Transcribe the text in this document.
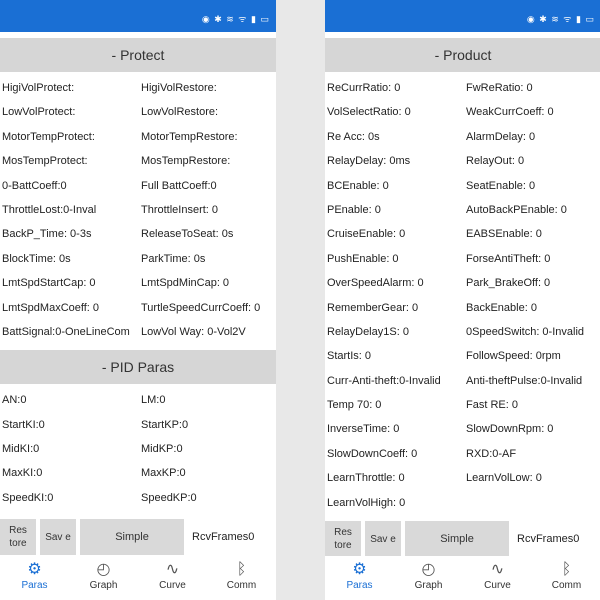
◉ ✱ ≋ ᯤ ▮ ▭
- Protect
HigiVolProtect:	HigiVolRestore:
LowVolProtect:	LowVolRestore:
MotorTempProtect:	MotorTempRestore:
MosTempProtect:	MosTempRestore:
0-BattCoeff:0	Full BattCoeff:0
ThrottleLost:0-Inval	ThrottleInsert: 0
BackP_Time: 0-3s	ReleaseToSeat: 0s
BlockTime: 0s	ParkTime: 0s
LmtSpdStartCap: 0	LmtSpdMinCap: 0
LmtSpdMaxCoeff: 0	TurtleSpeedCurrCoeff: 0
BattSignal:0-OneLineCom	LowVol Way: 0-Vol2V
- PID Paras
AN:0	LM:0
StartKI:0	StartKP:0
MidKI:0	MidKP:0
MaxKI:0	MaxKP:0
SpeedKI:0	SpeedKP:0
Res tore
Sav e	Simple	RcvFrames0
⚙
Paras
◴
Graph
∿
Curve
ᛒ
Comm
◉ ✱ ≋ ᯤ ▮ ▭
- Product
ReCurrRatio: 0	FwReRatio: 0
VolSelectRatio: 0	WeakCurrCoeff: 0
Re Acc: 0s	AlarmDelay: 0
RelayDelay: 0ms	RelayOut: 0
BCEnable: 0	SeatEnable: 0
PEnable: 0	AutoBackPEnable: 0
CruiseEnable: 0	EABSEnable: 0
PushEnable: 0	ForseAntiTheft: 0
OverSpeedAlarm: 0	Park_BrakeOff: 0
RememberGear: 0	BackEnable: 0
RelayDelay1S: 0	0SpeedSwitch: 0-Invalid
StartIs: 0	FollowSpeed: 0rpm
Curr-Anti-theft:0-Invalid	Anti-theftPulse:0-Invalid
Temp 70: 0	Fast RE: 0
InverseTime: 0	SlowDownRpm: 0
SlowDownCoeff: 0	RXD:0-AF
LearnThrottle: 0	LearnVolLow: 0
LearnVolHigh: 0
Res tore
Sav e	Simple	RcvFrames0
⚙
Paras
◴
Graph
∿
Curve
ᛒ
Comm
